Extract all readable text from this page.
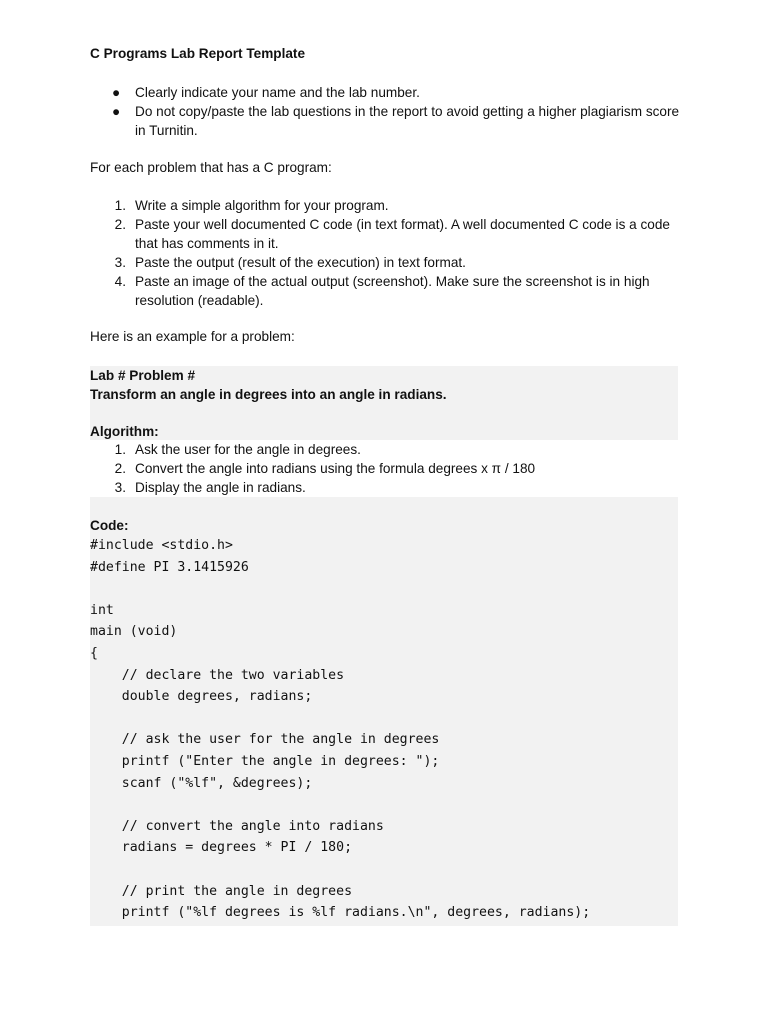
C Programs Lab Report Template
● Clearly indicate your name and the lab number.
● Do not copy/paste the lab questions in the report to avoid getting a higher plagiarism score in Turnitin.
For each problem that has a C program:
1. Write a simple algorithm for your program.
2. Paste your well documented C code (in text format). A well documented C code is a code that has comments in it.
3. Paste the output (result of the execution) in text format.
4. Paste an image of the actual output (screenshot). Make sure the screenshot is in high resolution (readable).
Here is an example for a problem:
Lab # Problem #
Transform an angle in degrees into an angle in radians.
Algorithm:
1. Ask the user for the angle in degrees.
2. Convert the angle into radians using the formula degrees x π / 180
3. Display the angle in radians.
Code:
#include <stdio.h>
#define PI 3.1415926

int
main (void)
{
// declare the two variables
double degrees, radians;

// ask the user for the angle in degrees
printf ("Enter the angle in degrees: ");
scanf ("%lf", &degrees);

// convert the angle into radians
radians = degrees * PI / 180;

// print the angle in degrees
printf ("%lf degrees is %lf radians.\n", degrees, radians);
